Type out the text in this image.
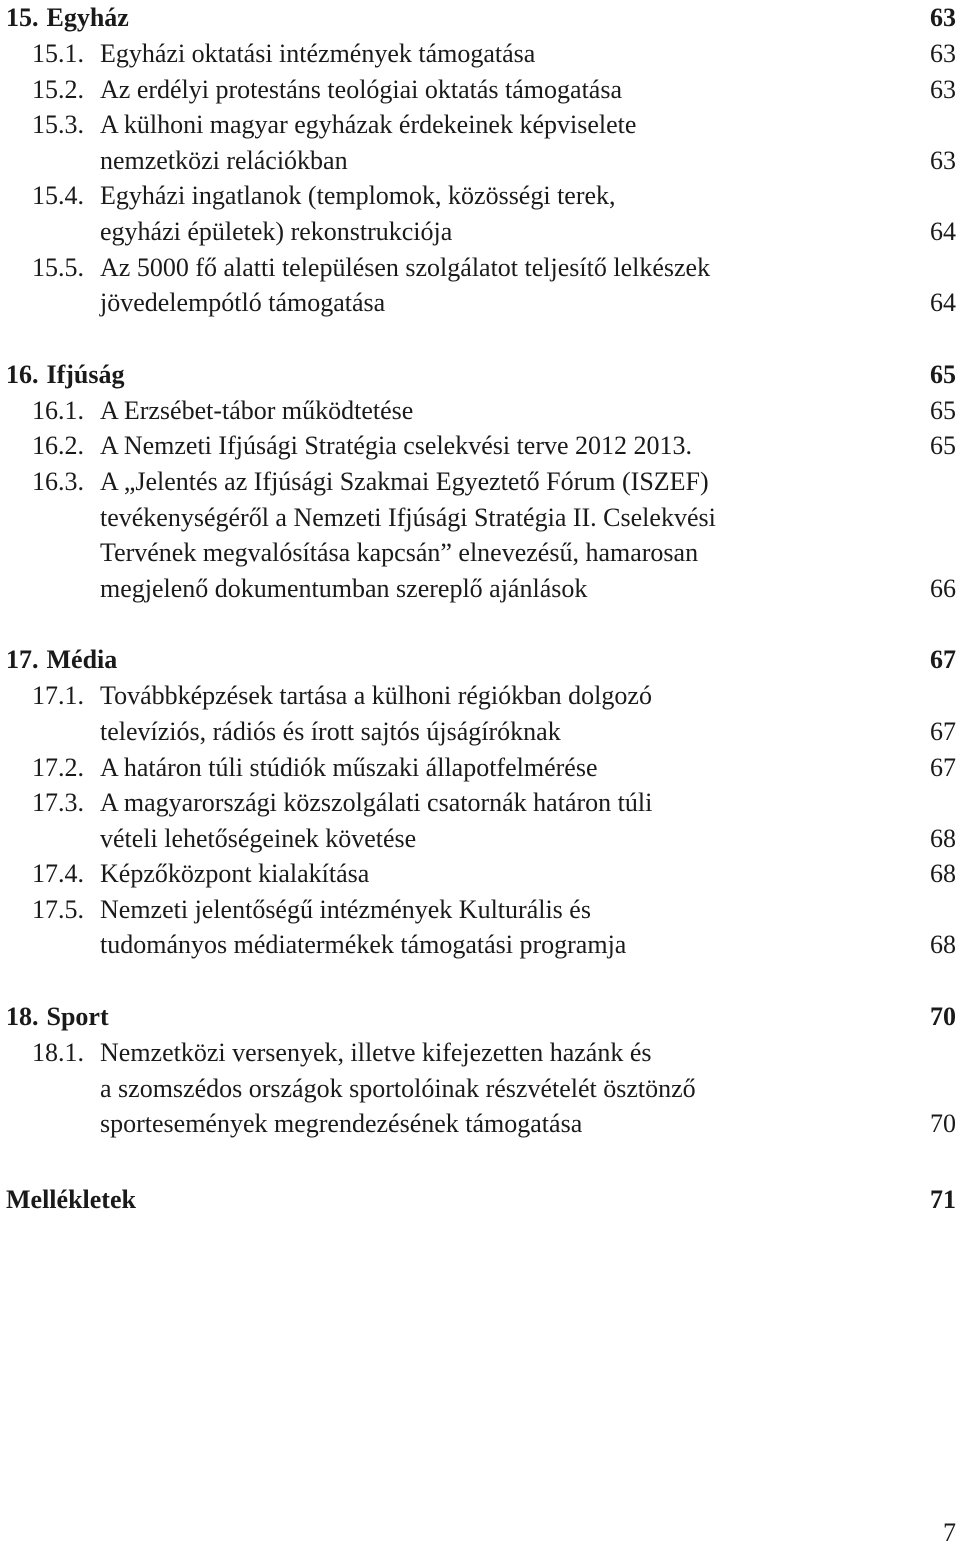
15. Egyház	63
15.1. Egyházi oktatási intézmények támogatása	63
15.2. Az erdélyi protestáns teológiai oktatás támogatása	63
15.3. A külhoni magyar egyházak érdekeinek képviselete
nemzetközi relációkban	63
15.4. Egyházi ingatlanok (templomok, közösségi terek,
egyházi épületek) rekonstrukciója	64
15.5. Az 5000 fő alatti településen szolgálatot teljesítő lelkészek
jövedelempótló támogatása	64
16. Ifjúság	65
16.1. A Erzsébet-tábor működtetése	65
16.2. A Nemzeti Ifjúsági Stratégia cselekvési terve 2012 2013.	65
16.3. A „Jelentés az Ifjúsági Szakmai Egyeztető Fórum (ISZEF)
tevékenységéről a Nemzeti Ifjúsági Stratégia II. Cselekvési
Tervének megvalósítása kapcsán” elnevezésű, hamarosan
megjelenő dokumentumban szereplő ajánlások	66
17. Média	67
17.1. Továbbképzések tartása a külhoni régiókban dolgozó
televíziós, rádiós és írott sajtós újságíróknak	67
17.2. A határon túli stúdiók műszaki állapotfelmérése	67
17.3. A magyarországi közszolgálati csatornák határon túli
vételi lehetőségeinek követése	68
17.4. Képzőközpont kialakítása	68
17.5. Nemzeti jelentőségű intézmények Kulturális és
tudományos médiatermékek támogatási programja	68
18. Sport	70
18.1. Nemzetközi versenyek, illetve kifejezetten hazánk és
a szomszédos országok sportolóinak részvételét ösztönző
sportesemények megrendezésének támogatása	70
Mellékletek	71
7
